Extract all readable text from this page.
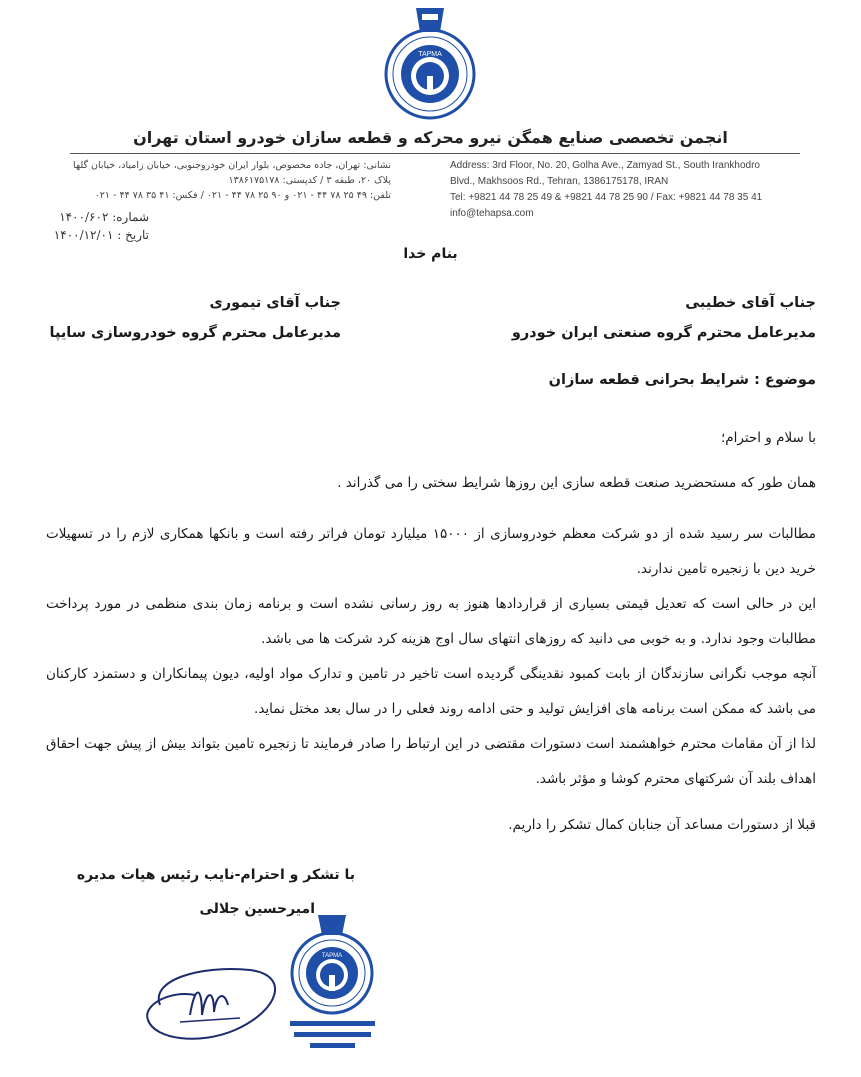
TAPMA
انجمن تخصصی صنایع همگن نیرو محرکه و قطعه سازان خودرو استان تهران
نشانی: تهران، جاده مخصوص، بلوار ایران خودروجنوبی، خیابان زامیاد، خیابان گلها
پلاک ۲۰، طبقه ۳ / کدپستی: ۱۳۸۶۱۷۵۱۷۸
تلفن: ۴۹ ۲۵ ۷۸ ۴۴ - ۰۲۱ و ۹۰ ۲۵ ۷۸ ۴۴ - ۰۲۱ / فکس: ۴۱ ۳۵ ۷۸ ۴۴ - ۰۲۱
Address: 3rd Floor, No. 20, Golha Ave., Zamyad St., South Irankhodro
Blvd., Makhsoos Rd., Tehran, 1386175178, IRAN
Tel: +9821 44 78 25 49 & +9821 44 78 25 90 / Fax: +9821 44 78 35 41
info@tehapsa.com
شماره: ۱۴۰۰/۶۰۲
تاریخ : ۱۴۰۰/۱۲/۰۱
بنام خدا
جناب آقای خطیبی
مدیرعامل محترم گروه صنعتی ایران خودرو
جناب آقای تیموری
مدیرعامل محترم گروه خودروسازی سایپا
موضوع : شرایط بحرانی قطعه سازان
با سلام و احترام؛
همان طور که مستحضرید صنعت قطعه سازی این روزها شرایط سختی را می گذراند .

مطالبات سر رسید شده از دو شرکت معظم خودروسازی از ۱۵۰۰۰ میلیارد تومان فراتر رفته است و بانکها همکاری لازم را در تسهیلات خرید دین با زنجیره تامین ندارند.

این در حالی است که تعدیل قیمتی بسیاری از قراردادها هنوز به روز رسانی نشده است و برنامه زمان بندی منظمی در مورد پرداخت مطالبات وجود ندارد. و به خوبی می دانید که روزهای انتهای سال اوج هزینه کرد شرکت ها می باشد.

آنچه موجب نگرانی سازندگان از بابت کمبود نقدینگی گردیده است تاخیر در تامین و تدارک مواد اولیه، دیون پیمانکاران و دستمزد کارکنان می باشد که ممکن است برنامه های افزایش تولید و حتی ادامه روند فعلی را در سال بعد مختل نماید.

لذا از آن مقامات محترم خواهشمند است دستورات مقتضی در این ارتباط را صادر فرمایند تا زنجیره تامین بتواند بیش از پیش جهت احقاق اهداف بلند آن شرکتهای محترم کوشا و مؤثر باشد.

قبلا از دستورات مساعد آن جنابان کمال تشکر را داریم.
با تشکر و احترام-نایب رئیس هیات مدیره
امیرحسین جلالی
TAPMA
